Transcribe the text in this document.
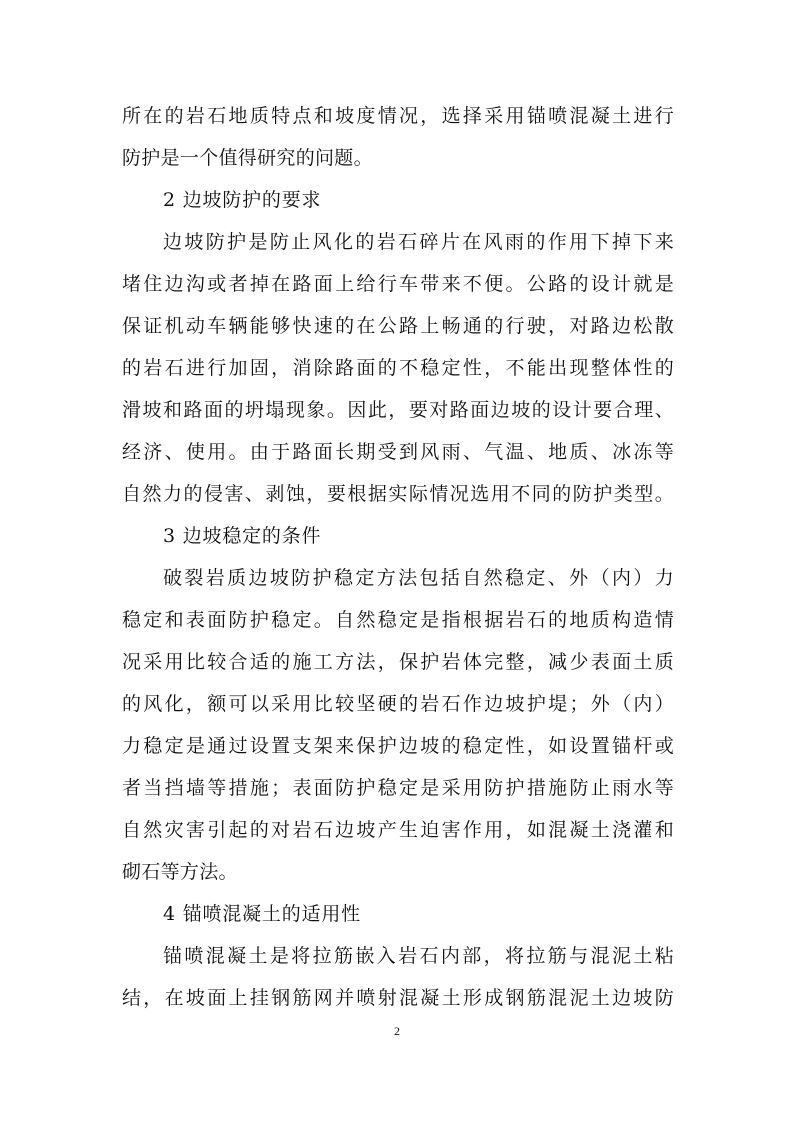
所在的岩石地质特点和坡度情况，选择采用锚喷混凝土进行
防护是一个值得研究的问题。
2 边坡防护的要求
边坡防护是防止风化的岩石碎片在风雨的作用下掉下来
堵住边沟或者掉在路面上给行车带来不便。公路的设计就是
保证机动车辆能够快速的在公路上畅通的行驶，对路边松散
的岩石进行加固，消除路面的不稳定性，不能出现整体性的
滑坡和路面的坍塌现象。因此，要对路面边坡的设计要合理、
经济、使用。由于路面长期受到风雨、气温、地质、冰冻等
自然力的侵害、剥蚀，要根据实际情况选用不同的防护类型。
3 边坡稳定的条件
破裂岩质边坡防护稳定方法包括自然稳定、外（内）力
稳定和表面防护稳定。自然稳定是指根据岩石的地质构造情
况采用比较合适的施工方法，保护岩体完整，减少表面土质
的风化，额可以采用比较坚硬的岩石作边坡护堤；外（内）
力稳定是通过设置支架来保护边坡的稳定性，如设置锚杆或
者当挡墙等措施；表面防护稳定是采用防护措施防止雨水等
自然灾害引起的对岩石边坡产生迫害作用，如混凝土浇灌和
砌石等方法。
4 锚喷混凝土的适用性
锚喷混凝土是将拉筋嵌入岩石内部，将拉筋与混泥土粘
结，在坡面上挂钢筋网并喷射混凝土形成钢筋混泥土边坡防
2
